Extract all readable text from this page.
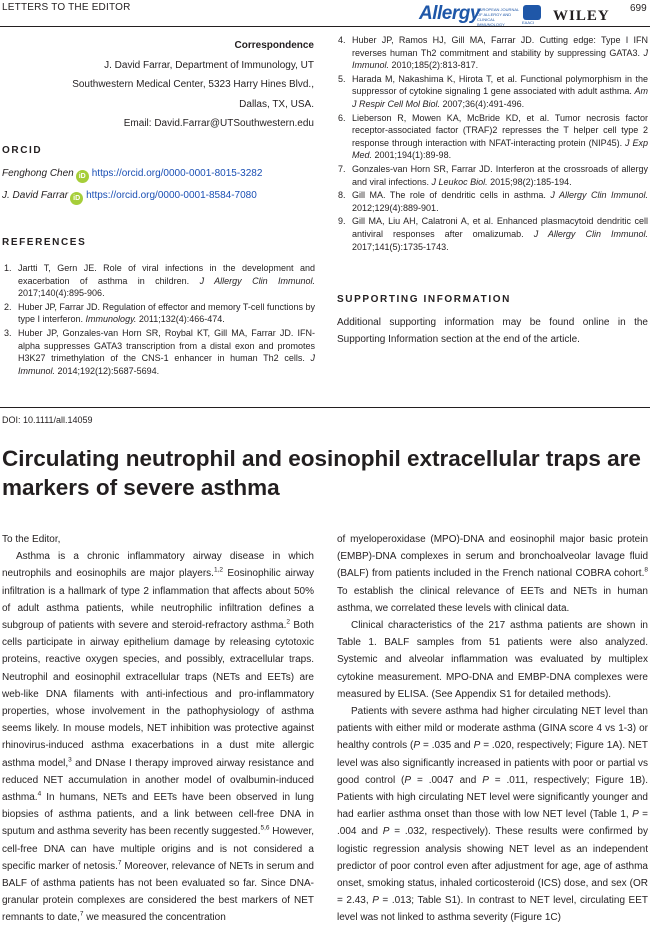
LETTERS TO THE EDITOR	Allergy
EUROPEAN JOURNAL OF ALLERGY AND CLINICAL IMMUNOLOGY	EAACI WILEY 699
Correspondence
J. David Farrar, Department of Immunology, UT
Southwestern Medical Center, 5323 Harry Hines Blvd.,
Dallas, TX, USA.
Email: David.Farrar@UTSouthwestern.edu
ORCID
Fenghong Chen iD https://orcid.org/0000-0001-8015-3282
J. David Farrar iD https://orcid.org/0000-0001-8584-7080
REFERENCES
1. Jartti T, Gern JE. Role of viral infections in the development and exacerbation of asthma in children. J Allergy Clin Immunol. 2017;140(4):895-906.
2. Huber JP, Farrar JD. Regulation of effector and memory T-cell functions by type I interferon. Immunology. 2011;132(4):466-474.
3. Huber JP, Gonzales-van Horn SR, Roybal KT, Gill MA, Farrar JD. IFN-alpha suppresses GATA3 transcription from a distal exon and promotes H3K27 trimethylation of the CNS-1 enhancer in human Th2 cells. J Immunol. 2014;192(12):5687-5694.
4. Huber JP, Ramos HJ, Gill MA, Farrar JD. Cutting edge: Type I IFN reverses human Th2 commitment and stability by suppressing GATA3. J Immunol. 2010;185(2):813-817.
5. Harada M, Nakashima K, Hirota T, et al. Functional polymorphism in the suppressor of cytokine signaling 1 gene associated with adult asthma. Am J Respir Cell Mol Biol. 2007;36(4):491-496.
6. Lieberson R, Mowen KA, McBride KD, et al. Tumor necrosis factor receptor-associated factor (TRAF)2 represses the T helper cell type 2 response through interaction with NFAT-interacting protein (NIP45). J Exp Med. 2001;194(1):89-98.
7. Gonzales-van Horn SR, Farrar JD. Interferon at the crossroads of allergy and viral infections. J Leukoc Biol. 2015;98(2):185-194.
8. Gill MA. The role of dendritic cells in asthma. J Allergy Clin Immunol. 2012;129(4):889-901.
9. Gill MA, Liu AH, Calatroni A, et al. Enhanced plasmacytoid dendritic cell antiviral responses after omalizumab. J Allergy Clin Immunol. 2017;141(5):1735-1743.
SUPPORTING INFORMATION
Additional supporting information may be found online in the Supporting Information section at the end of the article.
DOI: 10.1111/all.14059
Circulating neutrophil and eosinophil extracellular traps are markers of severe asthma

To the Editor,

Asthma is a chronic inflammatory airway disease in which neutrophils and eosinophils are major players.$^{1,2}$ Eosinophilic airway infiltration is a hallmark of type 2 inflammation that affects about 50% of adult asthma patients, while neutrophilic infiltration defines a subgroup of patients with severe and steroid-refractory asthma.$^2$ Both cells participate in airway epithelium damage by releasing cytotoxic proteins, reactive oxygen species, and possibly, extracellular traps. Neutrophil and eosinophil extracellular traps (NETs and EETs) are web-like DNA filaments with anti-infectious and pro-inflammatory properties, whose involvement in the pathophysiology of asthma seems likely. In mouse models, NET inhibition was protective against rhinovirus-induced asthma exacerbations in a dust mite allergic asthma model,$^3$ and DNase I therapy improved airway resistance and reduced NET accumulation in another model of ovalbumin-induced asthma.$^4$ In humans, NETs and EETs have been observed in lung biopsies of asthma patients, and a link between cell-free DNA in sputum and asthma severity has been recently suggested.$^{5,6}$ However, cell-free DNA can have multiple origins and is not considered a specific marker of netosis.$^7$ Moreover, relevance of NETs in serum and BALF of asthma patients has not been evaluated so far. Since DNA-granular protein complexes are considered the best markers of NET remnants to date,$^7$ we measured the concentration

of myeloperoxidase (MPO)-DNA and eosinophil major basic protein (EMBP)-DNA complexes in serum and bronchoalveolar lavage fluid (BALF) from patients included in the French national COBRA cohort.$^8$ To establish the clinical relevance of EETs and NETs in human asthma, we correlated these levels with clinical data.

Clinical characteristics of the 217 asthma patients are shown in Table 1. BALF samples from 51 patients were also analyzed. Systemic and alveolar inflammation was evaluated by multiplex cytokine measurement. MPO-DNA and EMBP-DNA complexes were measured by ELISA. (See Appendix S1 for detailed methods).

Patients with severe asthma had higher circulating NET level than patients with either mild or moderate asthma (GINA score 4 vs 1-3) or healthy controls (P = .035 and P = .020, respectively; Figure 1A). NET level was also significantly increased in patients with poor or partial vs good control (P = .0047 and P = .011, respectively; Figure 1B). Patients with high circulating NET level were significantly younger and had earlier asthma onset than those with low NET level (Table 1, P = .004 and P = .032, respectively). These results were confirmed by logistic regression analysis showing NET level as an independent predictor of poor control even after adjustment for age, age of asthma onset, smoking status, inhaled corticosteroid (ICS) dose, and sex (OR = 2.43, P = .013; Table S1). In contrast to NET level, circulating EET level was not linked to asthma severity (Figure 1C)
